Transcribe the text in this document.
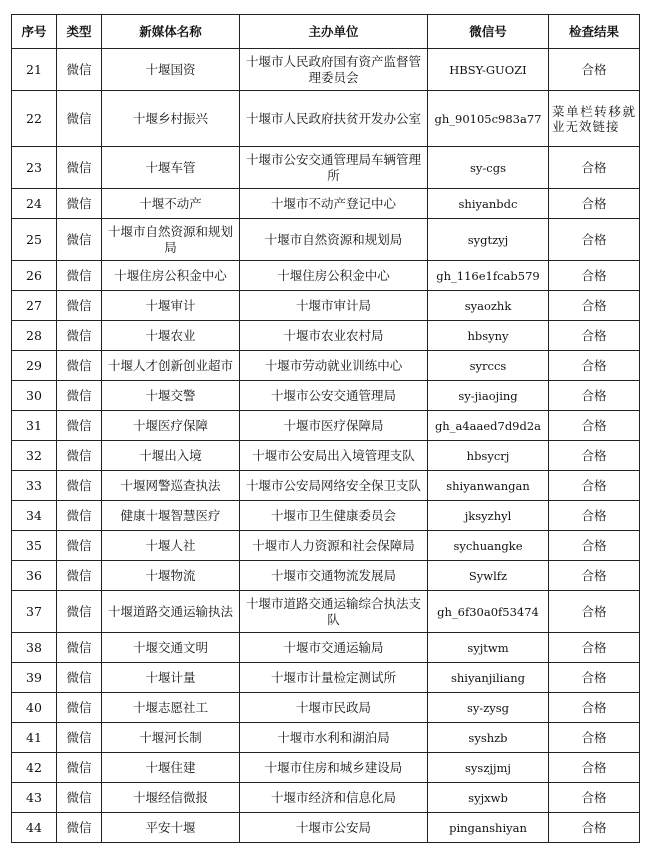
序号	类型	新媒体名称	主办单位	微信号	检查结果
21	微信	十堰国资	十堰市人民政府国有资产监督管理委员会	HBSY-GUOZI	合格
22	微信	十堰乡村振兴	十堰市人民政府扶贫开发办公室	gh_90105c983a77	菜单栏转移就业无效链接
23	微信	十堰车管	十堰市公安交通管理局车辆管理所	sy-cgs	合格
24	微信	十堰不动产	十堰市不动产登记中心	shiyanbdc	合格
25	微信	十堰市自然资源和规划局	十堰市自然资源和规划局	sygtzyj	合格
26	微信	十堰住房公积金中心	十堰住房公积金中心	gh_116e1fcab579	合格
27	微信	十堰审计	十堰市审计局	syaozhk	合格
28	微信	十堰农业	十堰市农业农村局	hbsyny	合格
29	微信	十堰人才创新创业超市	十堰市劳动就业训练中心	syrccs	合格
30	微信	十堰交警	十堰市公安交通管理局	sy-jiaojing	合格
31	微信	十堰医疗保障	十堰市医疗保障局	gh_a4aaed7d9d2a	合格
32	微信	十堰出入境	十堰市公安局出入境管理支队	hbsycrj	合格
33	微信	十堰网警巡查执法	十堰市公安局网络安全保卫支队	shiyanwangan	合格
34	微信	健康十堰智慧医疗	十堰市卫生健康委员会	jksyzhyl	合格
35	微信	十堰人社	十堰市人力资源和社会保障局	sychuangke	合格
36	微信	十堰物流	十堰市交通物流发展局	Sywlfz	合格
37	微信	十堰道路交通运输执法	十堰市道路交通运输综合执法支队	gh_6f30a0f53474	合格
38	微信	十堰交通文明	十堰市交通运输局	syjtwm	合格
39	微信	十堰计量	十堰市计量检定测试所	shiyanjiliang	合格
40	微信	十堰志愿社工	十堰市民政局	sy-zysg	合格
41	微信	十堰河长制	十堰市水利和湖泊局	syshzb	合格
42	微信	十堰住建	十堰市住房和城乡建设局	syszjjmj	合格
43	微信	十堰经信微报	十堰市经济和信息化局	syjxwb	合格
44	微信	平安十堰	十堰市公安局	pinganshiyan	合格
